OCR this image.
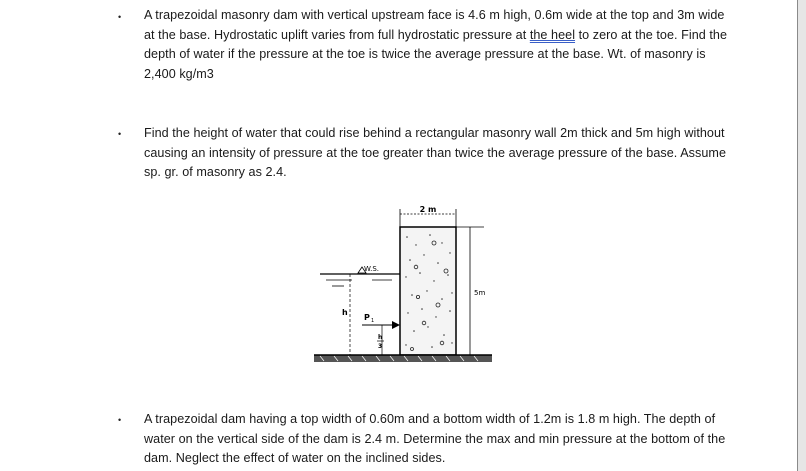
• A trapezoidal masonry dam with vertical upstream face is 4.6 m high, 0.6m wide at the top and 3m wide at the base. Hydrostatic uplift varies from full hydrostatic pressure at the heel to zero at the toe. Find the depth of water if the pressure at the toe is twice the average pressure at the base. Wt. of masonry is 2,400 kg/m3

• Find the height of water that could rise behind a rectangular masonry wall 2m thick and 5m high without causing an intensity of pressure at the toe greater than twice the average pressure of the base. Assume sp. gr. of masonry as 2.4.

2 m
5m
W.S.
h
P 1
h
3
• A trapezoidal dam having a top width of 0.60m and a bottom width of 1.2m is 1.8 m high. The depth of water on the vertical side of the dam is 2.4 m. Determine the max and min pressure at the bottom of the dam. Neglect the effect of water on the inclined sides.
